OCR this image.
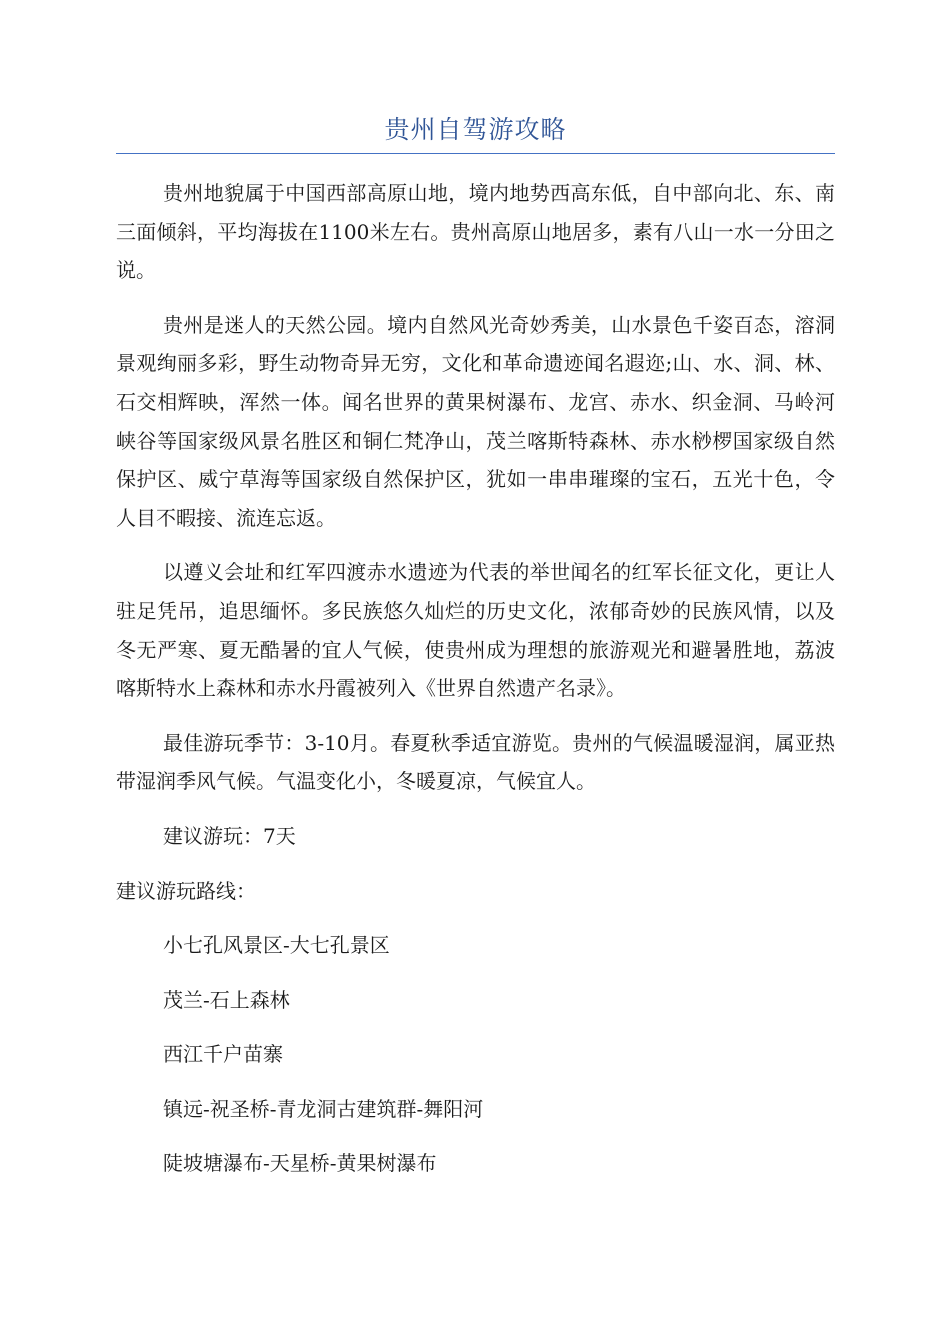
贵州自驾游攻略

贵州地貌属于中国西部高原山地，境内地势西高东低，自中部向北、东、南三面倾斜，平均海拔在1100米左右。贵州高原山地居多，素有八山一水一分田之说。

贵州是迷人的天然公园。境内自然风光奇妙秀美，山水景色千姿百态，溶洞景观绚丽多彩，野生动物奇异无穷，文化和革命遗迹闻名遐迩;山、水、洞、林、石交相辉映，浑然一体。闻名世界的黄果树瀑布、龙宫、赤水、织金洞、马岭河峡谷等国家级风景名胜区和铜仁梵净山，茂兰喀斯特森林、赤水桫椤国家级自然保护区、威宁草海等国家级自然保护区，犹如一串串璀璨的宝石，五光十色，令人目不暇接、流连忘返。

以遵义会址和红军四渡赤水遗迹为代表的举世闻名的红军长征文化，更让人驻足凭吊，追思缅怀。多民族悠久灿烂的历史文化，浓郁奇妙的民族风情，以及冬无严寒、夏无酷暑的宜人气候，使贵州成为理想的旅游观光和避暑胜地，荔波喀斯特水上森林和赤水丹霞被列入《世界自然遗产名录》。

最佳游玩季节：3-10月。春夏秋季适宜游览。贵州的气候温暖湿润，属亚热带湿润季风气候。气温变化小，冬暖夏凉，气候宜人。

建议游玩：7天

建议游玩路线：

小七孔风景区-大七孔景区

茂兰-石上森林

西江千户苗寨

镇远-祝圣桥-青龙洞古建筑群-舞阳河

陡坡塘瀑布-天星桥-黄果树瀑布
